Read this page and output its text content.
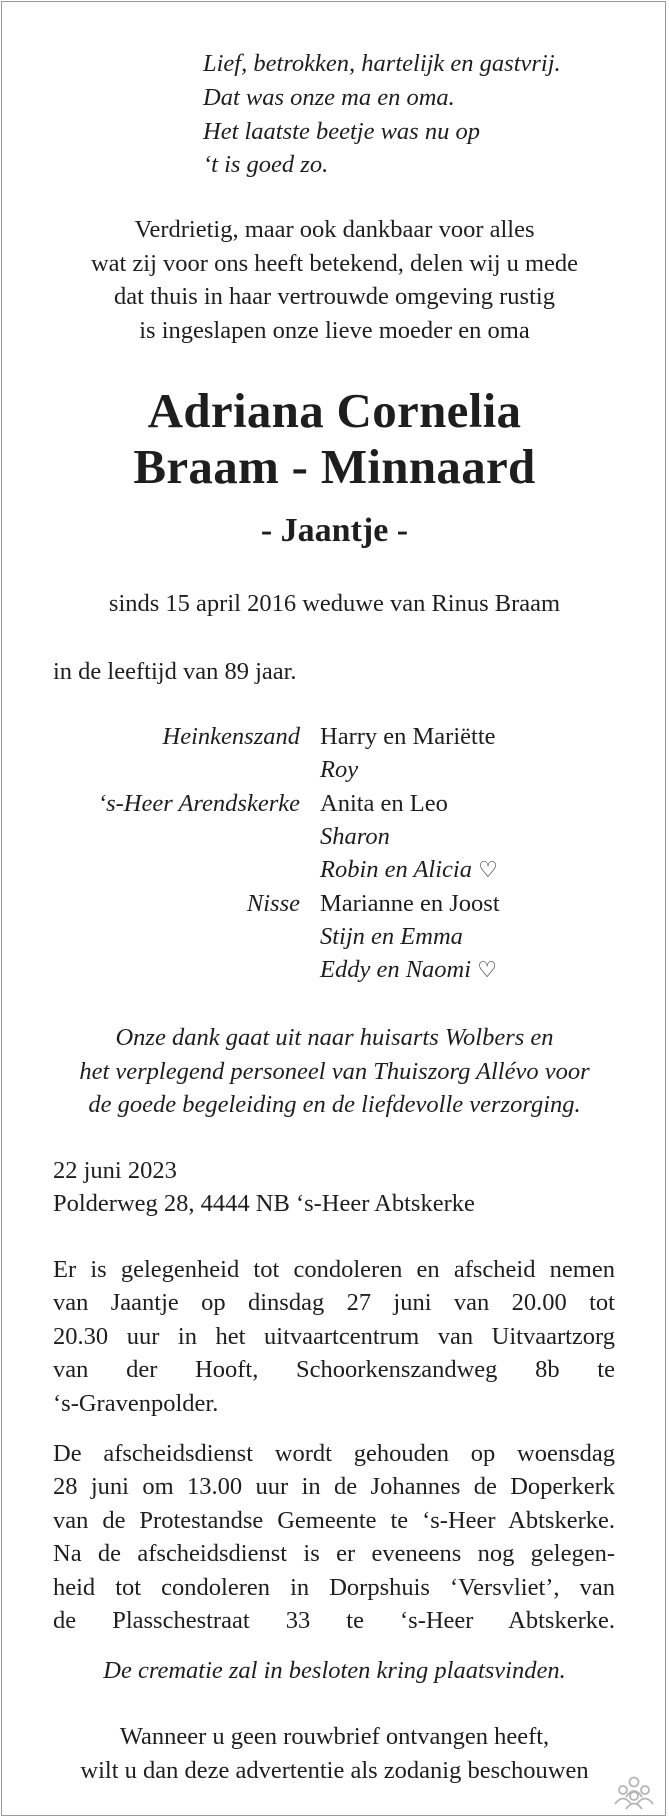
Lief, betrokken, hartelijk en gastvrij.
Dat was onze ma en oma.
Het laatste beetje was nu op
‘t is goed zo.
Verdrietig, maar ook dankbaar voor alles
wat zij voor ons heeft betekend, delen wij u mede
dat thuis in haar vertrouwde omgeving rustig
is ingeslapen onze lieve moeder en oma
Adriana Cornelia
Braam - Minnaard
- Jaantje -
sinds 15 april 2016 weduwe van Rinus Braam
in de leeftijd van 89 jaar.
Heinkenszand Harry en Mariëtte
Roy
‘s-Heer Arendskerke Anita en Leo
Sharon
Robin en Alicia ♡
Nisse Marianne en Joost
Stijn en Emma
Eddy en Naomi ♡
Onze dank gaat uit naar huisarts Wolbers en
het verplegend personeel van Thuiszorg Allévo voor
de goede begeleiding en de liefdevolle verzorging.
22 juni 2023
Polderweg 28, 4444 NB ‘s-Heer Abtskerke
Er is gelegenheid tot condoleren en afscheid nemen
van Jaantje op dinsdag 27 juni van 20.00 tot
20.30 uur in het uitvaartcentrum van Uitvaartzorg
van der Hooft, Schoorkenszandweg 8b te
‘s-Gravenpolder.
De afscheidsdienst wordt gehouden op woensdag
28 juni om 13.00 uur in de Johannes de Doperkerk
van de Protestandse Gemeente te ‘s-Heer Abtskerke.
Na de afscheidsdienst is er eveneens nog gelegen-
heid tot condoleren in Dorpshuis ‘Versvliet’, van
de Plasschestraat 33 te ‘s-Heer Abtskerke.
De crematie zal in besloten kring plaatsvinden.
Wanneer u geen rouwbrief ontvangen heeft,
wilt u dan deze advertentie als zodanig beschouwen
